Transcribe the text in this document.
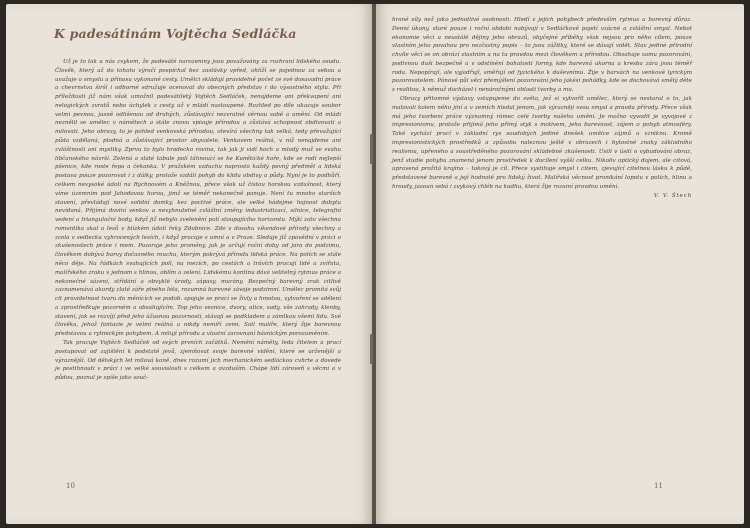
K padesátinám Vojtěcha Sedláčka

Už je to tak u nás zvykem, že padesáté narozeniny jsou považovány za rozhraní lidského osudu. Člověk, který až do tohoto výročí pospíchal bez zastávky vpřed, ohlíží se pojednou za sebou a uvažuje o smyslu a přínosu vykonané cesty. Umělci skládají pravidelně počet ze své dosavadní práce a chevrnstva širší i odborné sdružuje ocenovat do obecných představ i do výsostného stylu. Při příležitosti již nám však umožnil padesátiletý Vojtěch Sedláček, nenajdeme ani překvapení ani nelogických zvratů nebo úchylek z cesty už v mládí nastoupené. Rozhled po díle ukazuje soubor velmi pevnou, jasně odlišenou od druhých, zůstávající nezvratně věrnou sobě a umění. Od mládí neznělil se umělec v námětech a stále znovu vpisuje přírodou a zůstává schopnost obdivovati a milovati. Jeho obrazy, to je pohled venkovská přírodou, otevírá všechny tak velká, tedy převažující půda vzdělaná, plodná a zůstávající prostor obyvatele. Venkovem reálná, v níž nenajdeme ani zvláštnosti ani mystiky. Zprvu to bylo hradecko rovina, tak jak ji vidí hoch a mladý muž se svahu libčanského návrší. Zelená a slaté tabule polí táhnoucí se ke Kunětické hoře, kde se rodí nejlepší pšenice, kde roste řepa a čekanka. V pražském vzduchu naprosto každý pevný předmět a lidská postava pouze pozorovat i z dálky, protože vzdálí pohyb do klidu obdivy a půdy. Nyní je to podhůří, celkem nevysoké údolí na Rychnovém a Kněžnou, přece však už čistou horskou vzdušnost, který víme územním pod Jahodovou horou, jimž se téměř nekonečně panuje. Není tu mnoho starších stavení, převládají nové solidní domky, kez poctivé práce, ale velké hádejme hojnost dobytu nevídaná. Přijímá doviní venkov a nevyhnutelné zvláštní změny industrializací, silnice, telegrafní vedení a triangulační body, když již nebylo zvelenění polí stoupajícího horizontu. Mýtí zato všechna romantika skal a lesů v blízkém údolí řeky Zdobnice. Zde v dosahu víkendové přírody všechny a zcela v sedlecku vyhrocených lesích, i když pracuje s umní a v Praze. Sleduje již zpovědní v práci o zkušenostech práce i mem. Pozoruje jeho proměny, jak je určují roční doby od jara do podzimu, člověkem dobývá barvy dočasného rouchu, kterým pokrývá přírodu lidská práce. Na polích se stále něco děje. Na řádkách svahujících polí, na mezích, po cestách a trávích pracují lidé a zvířata, malířského zraku v jednom s hlinou, oblím a zelení. Lidskému kontinu dává velitelný rytmus práce a nekonečné sázení, střídání a obvyklé úrody, zápasy, murány. Bezpečný barevný zrak citlivě zaznamenává akordy zlaté záře plného léta, rozumná barevné závoje podzimní. Umělec promítá svůj cit pravidelnost tvaru do měnících se podob. spojuje se prací se živly a hmotou, vytvoření se sdělení a zprostředkuje pozorném a obsahujícím. Top jeho vesnice, dvory, ulice, sady, vše zahrady, klenby, stavení, jak se rozvíjí před jeho úžasnou pozorností, stávají se podkladem a zámlkou všemi lidu. Své člověka, jehož fantazie je velmi reálná a nikdy nemíří zemi. Soil malíře, který žije barevnou představou a rytmickým pohybem. A milují přírodu a vlastní zarovnaní básnickým porozuměním.

Tak pracuje Vojtěch Sedláček od svých prvních začátků. Nemění náměty, leda čitelem a prací postupovat od zajištění k podstatě jevů, zjemňovat svoje barevné vidění, které se urženější a výraznější. Od dětských let milová koně, dnes rozumí jich mechanickém sedláckou cvhrte a dovede je postihnouti v práci i ve velké souvislosti s celkem a ovzduším. Chápe lidí zároveň s věcmi a v půdou, poznal je spíše jako souč-

10

hrané síly než jako jednotlivé osobnosti. Hledí v jejich pohybech především rytmus a barevný důraz. Denní úkony, staré pouze i roční obdobi nabývají v Sedláčkově pojetí vzácné a zvláštní smysl. Nebot ekonomie věci a neustálé dějiny jeho obrazů, obyčejné příběhy však nejsou pro něho cílem, pouze vlastním jeho povahou pro nezčastný popis – to jsou zážitky, které se dávají vidět. Stav jediné přírodní chvíle věcí se on obrází vlastním a na tu pravdou mezi člověkem a přírodou. Obsahuje samu pozorování, podivnou duši bezpečně a v odstínění bohatosti formy, kde barevná akorna a kresba zára jsou téměř roda. Nepopírají, ale vyjadřují, směřují od fyzického k duševnímu. Žije v barvách na venkově lyrickým pozorovatelem. Pánové půl věci přemýšlení pozorování jeho jakési pohádky, kde se dochovává smělý děte s realitou, k němuž docházel i nenáročnými oblasti tvorby a mu.

Obrazy přitomné výstavy vstupujeme do světa, jež si vytvořil umělec, který se nestaral o to, jak malovali kolem něho jiní a v zemích hledal jenom, jak výrazněji svou smysl a pravdu přírody. Přece však má jeho tvorbení práce významný rámec celé tvorby našeho umění. Je možno vyvodit je vyvojové z impresionismu, protože přijímá jeho přímý styk s motivem, jeho barevnost, zájem o pohyb atmosféry. Také vychází prací v základní rys soudobých jediné dnešek umělce zájmů a vzniknu. Kromě impresionistických prostředků a způsobu naleznou ještě v obrazech i bytostné znaky základního realismu, upřeného a soustředěného pozorování skládebné zkušenosti. Úsilí v úsilí o vybudování obraz, jenž studie pohybu znamená jenom prostředek k docílení vyšší celku. Nikoliv optický dojem, ale citová, upravená prožitá krajina – takový je cíl. Přece vystihuje smysl i citem, zjevující citelnou lásku k půdě, představené barevně a její hodnotě pro lidský život. Malířská věcnost pronikání lopotu v polích, hlinu a hroudy, jasoun sebá i zvykový chléb na kudhu, která žije rozumí pravdou umění.

V. V. Štech

11
